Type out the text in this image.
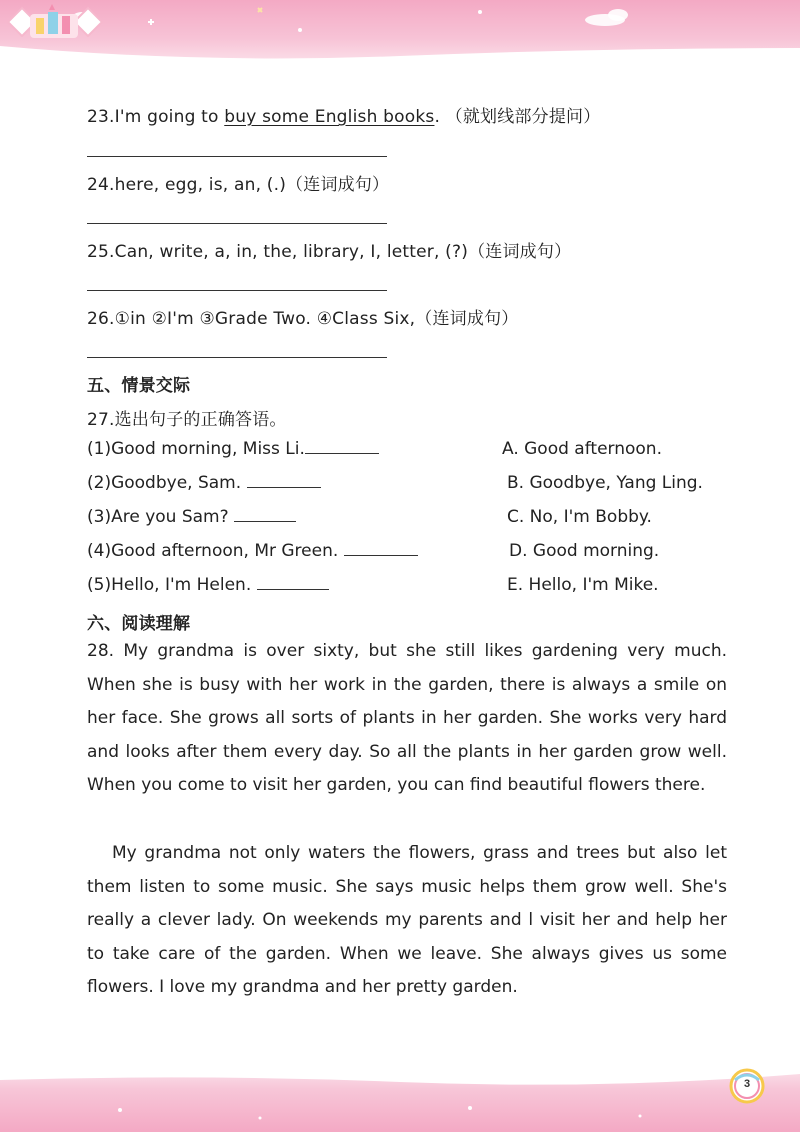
23.I'm going to buy some English books. （就划线部分提问）
24.here, egg, is, an, (.)（连词成句）
25.Can, write, a, in, the, library, I, letter, (?)（连词成句）
26.①in ②I'm ③Grade Two. ④Class Six,（连词成句）
五、情景交际
27.选出句子的正确答语。
(1)Good morning, Miss Li.	A. Good afternoon.
(2)Goodbye, Sam.	B. Goodbye, Yang Ling.
(3)Are you Sam?	C. No, I'm Bobby.
(4)Good afternoon, Mr Green.	D. Good morning.
(5)Hello, I'm Helen.	E. Hello, I'm Mike.
六、阅读理解

28. My grandma is over sixty, but she still likes gardening very much. When she is busy with her work in the garden, there is always a smile on her face. She grows all sorts of plants in her garden. She works very hard and looks after them every day. So all the plants in her garden grow well. When you come to visit her garden, you can find beautiful flowers there.

My grandma not only waters the flowers, grass and trees but also let them listen to some music. She says music helps them grow well. She's really a clever lady. On weekends my parents and l visit her and help her to take care of the garden. When we leave. She always gives us some flowers. I love my grandma and her pretty garden.

3
